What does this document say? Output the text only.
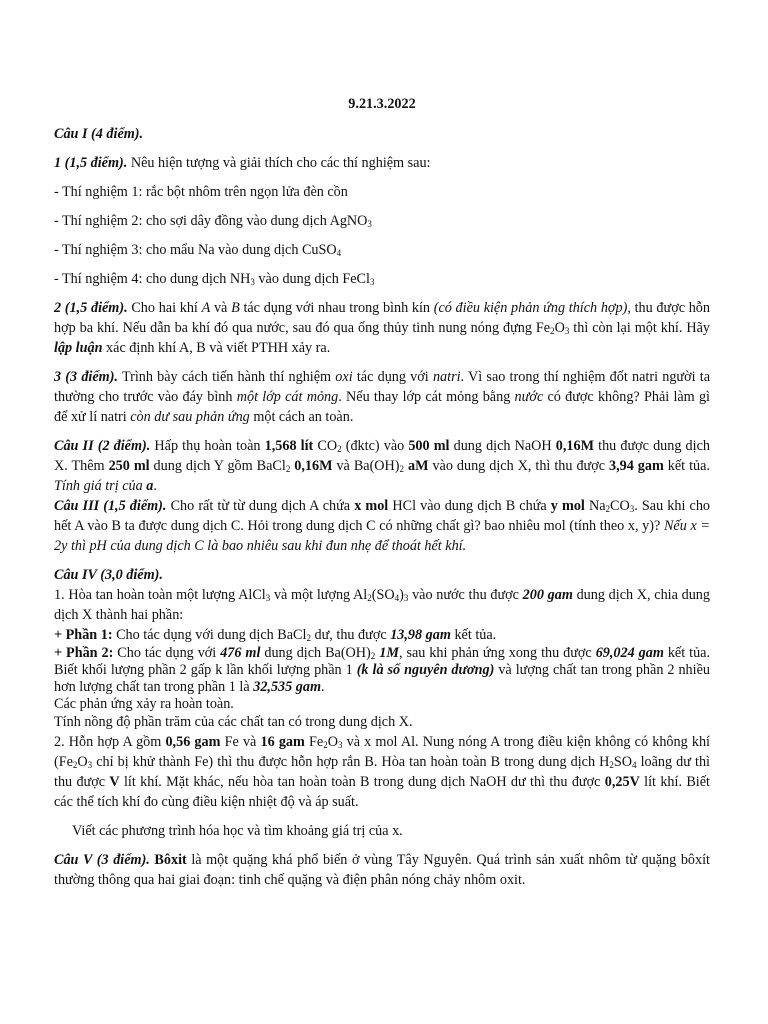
9.21.3.2022

Câu I (4 điểm).

1 (1,5 điểm). Nêu hiện tượng và giải thích cho các thí nghiệm sau:

- Thí nghiệm 1: rắc bột nhôm trên ngọn lửa đèn cồn

- Thí nghiệm 2: cho sợi dây đồng vào dung dịch AgNO$_3$

- Thí nghiệm 3: cho mẩu Na vào dung dịch CuSO$_4$

- Thí nghiệm 4: cho dung dịch $NH_3$ vào dung dịch FeCl$_3$

2 (1,5 điểm). Cho hai khí A và B tác dụng với nhau trong bình kín (có điều kiện phản ứng thích hợp), thu được hỗn hợp ba khí. Nếu dẫn ba khí đó qua nước, sau đó qua ống thủy tinh nung nóng đựng $Fe_2O_3$ thì còn lại một khí. Hãy lập luận xác định khí A, B và viết PTHH xảy ra.

3 (3 điểm). Trình bày cách tiến hành thí nghiệm oxi tác dụng với natri. Vì sao trong thí nghiệm đốt natri người ta thường cho trước vào đáy bình một lớp cát mỏng. Nếu thay lớp cát mỏng bằng nước có được không? Phải làm gì để xử lí natri còn dư sau phản ứng một cách an toàn.

Câu II (2 điểm). Hấp thụ hoàn toàn 1,568 lít $CO_2$ (đktc) vào 500 ml dung dịch NaOH 0,16M thu được dung dịch X. Thêm 250 ml dung dịch Y gồm BaCl$_2$ 0,16M và $Ba(OH)_2$ aM vào dung dịch X, thì thu được 3,94 gam kết tủa. Tính giá trị của a.

Câu III (1,5 điểm). Cho rất từ từ dung dịch A chứa x mol HCl vào dung dịch B chứa y mol $Na_2CO_3$. Sau khi cho hết A vào B ta được dung dịch C. Hỏi trong dung dịch C có những chất gì? bao nhiêu mol (tính theo x, y)? Nếu x = 2y thì pH của dung dịch C là bao nhiêu sau khi đun nhẹ để thoát hết khí.

Câu IV (3,0 điểm).

1. Hòa tan hoàn toàn một lượng AlCl$_3$ và một lượng $Al_2(SO_4)_3$ vào nước thu được 200 gam dung dịch X, chia dung dịch X thành hai phần:

+ Phần 1: Cho tác dụng với dung dịch BaCl$_2$ dư, thu được 13,98 gam kết tủa.

+ Phần 2: Cho tác dụng với 476 ml dung dịch $Ba(OH)_2$ 1M, sau khi phản ứng xong thu được 69,024 gam kết tủa. Biết khối lượng phần 2 gấp k lần khối lượng phần 1 (k là số nguyên dương) và lượng chất tan trong phần 2 nhiều hơn lượng chất tan trong phần 1 là 32,535 gam.

Các phản ứng xảy ra hoàn toàn.

Tính nồng độ phần trăm của các chất tan có trong dung dịch X.

2. Hỗn hợp A gồm 0,56 gam Fe và 16 gam $Fe_2O_3$ và x mol Al. Nung nóng A trong điều kiện không có không khí ($Fe_2O_3$ chỉ bị khử thành Fe) thì thu được hỗn hợp rắn B. Hòa tan hoàn toàn B trong dung dịch $H_2SO_4$ loãng dư thì thu được V lít khí. Mặt khác, nếu hòa tan hoàn toàn B trong dung dịch NaOH dư thì thu được 0,25V lít khí. Biết các thể tích khí đo cùng điều kiện nhiệt độ và áp suất.

Viết các phương trình hóa học và tìm khoảng giá trị của x.

Câu V (3 điểm). Bôxit là một quặng khá phổ biến ở vùng Tây Nguyên. Quá trình sản xuất nhôm từ quặng bôxít thường thông qua hai giai đoạn: tinh chế quặng và điện phân nóng chảy nhôm oxit.
